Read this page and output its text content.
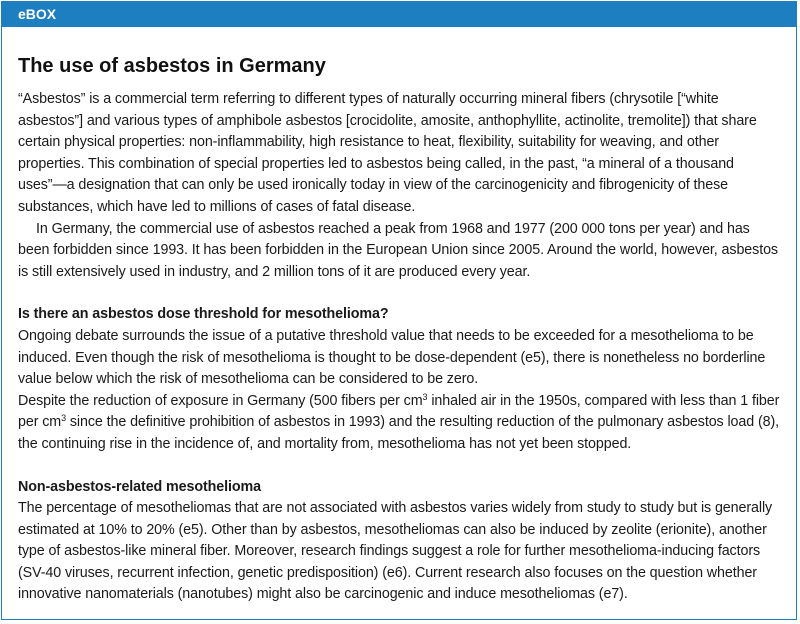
eBOX
The use of asbestos in Germany

“Asbestos” is a commercial term referring to different types of naturally occurring mineral fibers (chrysotile [“white asbestos”] and various types of amphibole asbestos [crocidolite, amosite, anthophyllite, actinolite, tremolite]) that share certain physical properties: non-inflammability, high resistance to heat, flexibility, suitability for weaving, and other properties. This combination of special properties led to asbestos being called, in the past, “a mineral of a thousand uses”—a designation that can only be used ironically today in view of the carcinogenicity and fibrogenicity of these substances, which have led to millions of cases of fatal disease.

In Germany, the commercial use of asbestos reached a peak from 1968 and 1977 (200 000 tons per year) and has been forbidden since 1993. It has been forbidden in the European Union since 2005. Around the world, however, asbestos is still extensively used in industry, and 2 million tons of it are produced every year.

Is there an asbestos dose threshold for mesothelioma?

Ongoing debate surrounds the issue of a putative threshold value that needs to be exceeded for a mesothelioma to be induced. Even though the risk of mesothelioma is thought to be dose-dependent (e5), there is nonetheless no borderline value below which the risk of mesothelioma can be considered to be zero.

Despite the reduction of exposure in Germany (500 fibers per $cm^3$ inhaled air in the 1950s, compared with less than 1 fiber per $cm^3$ since the definitive prohibition of asbestos in 1993) and the resulting reduction of the pulmonary asbestos load (8), the continuing rise in the incidence of, and mortality from, mesothelioma has not yet been stopped.

Non-asbestos-related mesothelioma

The percentage of mesotheliomas that are not associated with asbestos varies widely from study to study but is generally estimated at 10% to 20% (e5). Other than by asbestos, mesotheliomas can also be induced by zeolite (erionite), another type of asbestos-like mineral fiber. Moreover, research findings suggest a role for further mesothelioma-inducing factors (SV-40 viruses, recurrent infection, genetic predisposition) (e6). Current research also focuses on the question whether innovative nanomaterials (nanotubes) might also be carcinogenic and induce mesotheliomas (e7).
